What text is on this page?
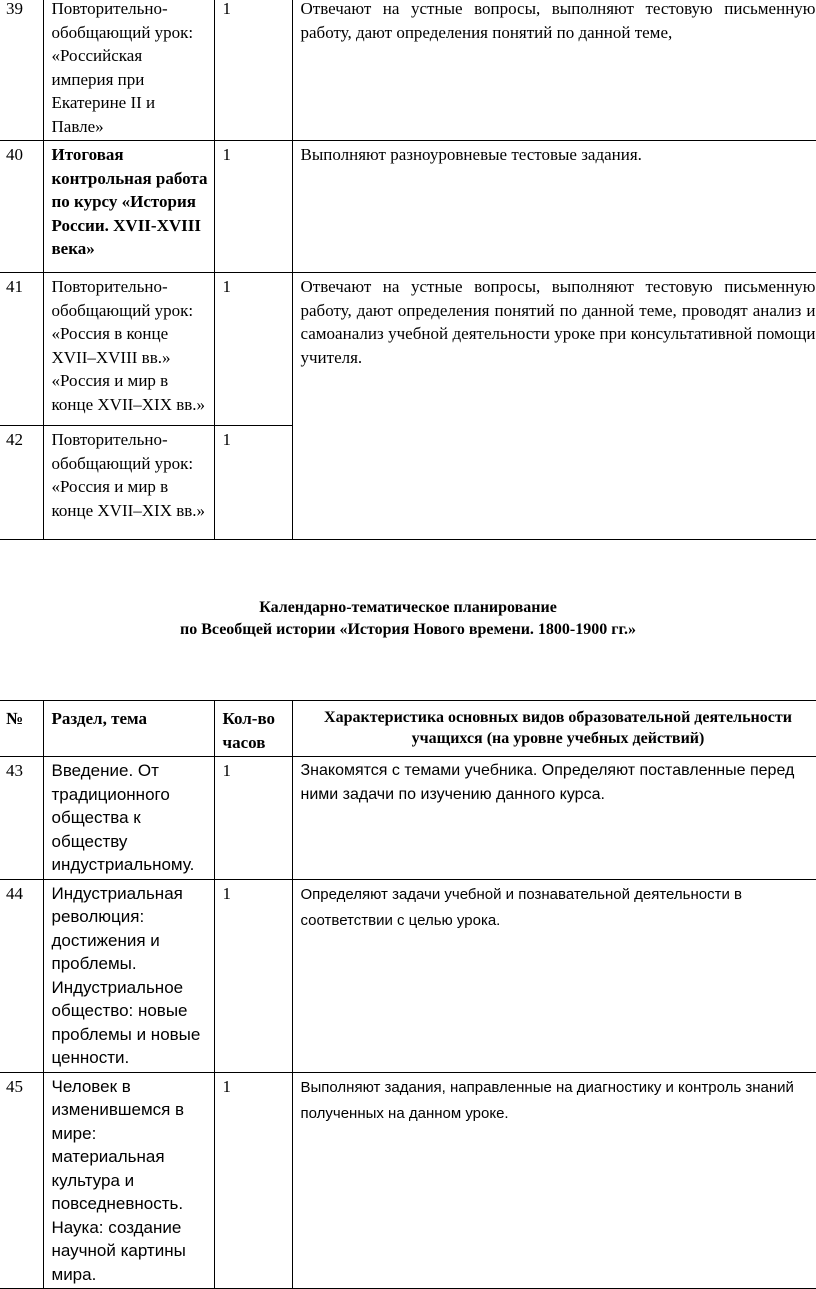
39	Повторительно-обобщающий урок: «Российская империя при Екатерине II и Павле»	1	Отвечают на устные вопросы, выполняют тестовую письменную работу, дают определения понятий по данной теме,
40	Итоговая контрольная работа по курсу «История России. XVII-XVIII века»	1	Выполняют разноуровневые тестовые задания.
41	Повторительно-обобщающий урок: «Россия в конце XVII–XVIII вв.» «Россия и мир в конце XVII–XIX вв.»	1	Отвечают на устные вопросы, выполняют тестовую письменную работу, дают определения понятий по данной теме, проводят анализ и самоанализ учебной деятельности уроке при консультативной помощи учителя.
42	Повторительно-обобщающий урок: «Россия и мир в конце XVII–XIX вв.»	1	
Календарно-тематическое планирование
по Всеобщей истории «История Нового времени. 1800-1900 гг.»
№	Раздел, тема	Кол-во часов	Характеристика основных видов образовательной деятельности учащихся (на уровне учебных действий)
43	Введение. От традиционного общества к обществу индустриальному.	1	Знакомятся с темами учебника. Определяют поставленные перед ними задачи по изучению данного курса.
44	Индустриальная революция: достижения и проблемы. Индустриальное общество: новые проблемы и новые ценности.	1	Определяют задачи учебной и познавательной деятельности в соответствии с целью урока.
45	Человек в изменившемся в мире: материальная культура и повседневность. Наука: создание научной картины мира.	1	Выполняют задания, направленные на диагностику и контроль знаний полученных на данном уроке.
